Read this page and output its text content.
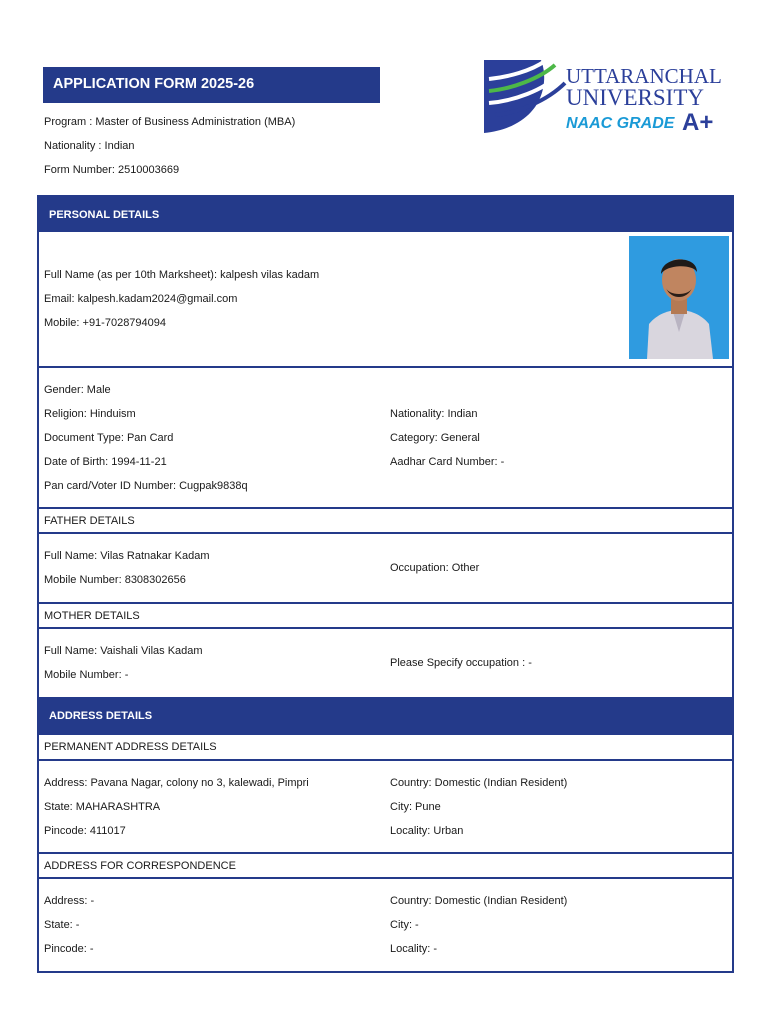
APPLICATION FORM 2025-26
Program : Master of Business Administration (MBA)
Nationality : Indian
Form Number: 2510003669
UTTARANCHAL
UNIVERSITY
NAAC GRADE A+
PERSONAL DETAILS
Full Name (as per 10th Marksheet): kalpesh vilas kadam
Email: kalpesh.kadam2024@gmail.com
Mobile: +91-7028794094
Gender: Male
Religion: Hinduism
Document Type: Pan Card
Date of Birth: 1994-11-21
Pan card/Voter ID Number: Cugpak9838q
Nationality: Indian
Category: General
Aadhar Card Number: -
FATHER DETAILS
Full Name: Vilas Ratnakar Kadam
Mobile Number: 8308302656
Occupation: Other
MOTHER DETAILS
Full Name: Vaishali Vilas Kadam
Mobile Number: -
Please Specify occupation : -
ADDRESS DETAILS
PERMANENT ADDRESS DETAILS
Address: Pavana Nagar, colony no 3, kalewadi, Pimpri
State: MAHARASHTRA
Pincode: 411017
Country: Domestic (Indian Resident)
City: Pune
Locality: Urban
ADDRESS FOR CORRESPONDENCE
Address: -
State: -
Pincode: -
Country: Domestic (Indian Resident)
City: -
Locality: -
